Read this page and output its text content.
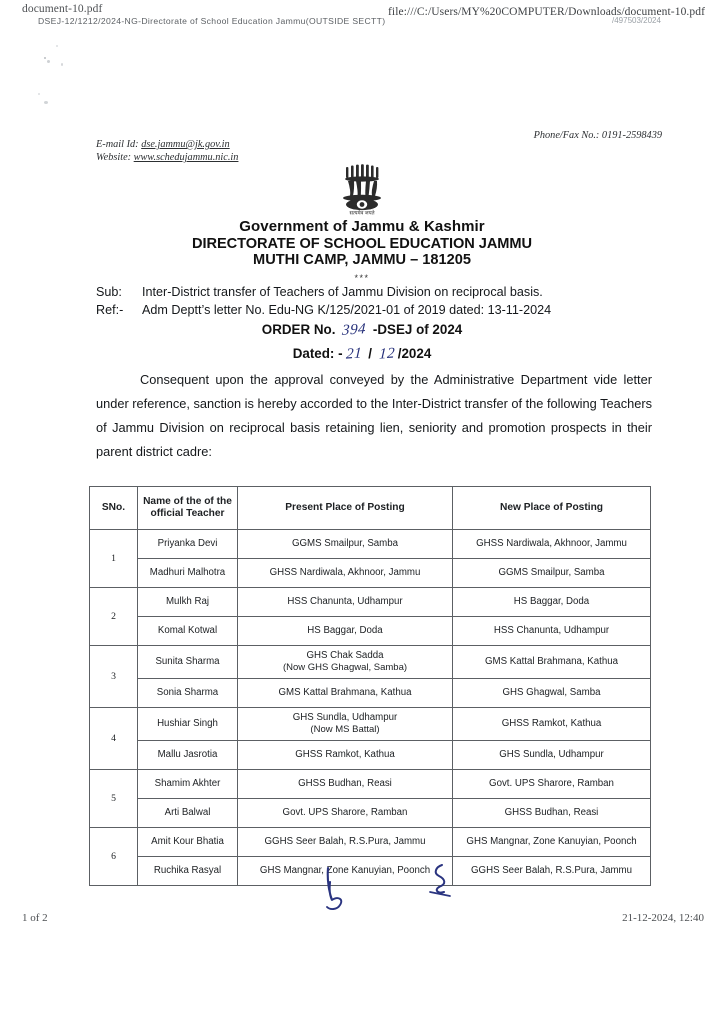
document-10.pdf
DSEJ-12/1212/2024-NG-Directorate of School Education Jammu(OUTSIDE SECTT)
file:///C:/Users/MY%20COMPUTER/Downloads/document-10.pdf
/497503/2024
Phone/Fax No.: 0191-2598439
E-mail Id: dse.jammu@jk.gov.in
Website: www.schedujammu.nic.in
सत्यमेव जयते
Government of Jammu & Kashmir
DIRECTORATE OF SCHOOL EDUCATION JAMMU
MUTHI CAMP, JAMMU – 181205
***
Sub: Inter-District transfer of Teachers of Jammu Division on reciprocal basis.
Ref:- Adm Deptt’s letter No. Edu-NG K/125/2021-01 of 2019 dated: 13-11-2024
ORDER No. 394 -DSEJ of 2024
Dated: - 21 / 12 /2024
Consequent upon the approval conveyed by the Administrative Department vide letter under reference, sanction is hereby accorded to the Inter-District transfer of the following Teachers of Jammu Division on reciprocal basis retaining lien, seniority and promotion prospects in their parent district cadre:
SNo.	Name of the of the official Teacher	Present Place of Posting	New Place of Posting
1	Priyanka Devi	GGMS Smailpur, Samba	GHSS Nardiwala, Akhnoor, Jammu
	Madhuri Malhotra	GHSS Nardiwala, Akhnoor, Jammu	GGMS Smailpur, Samba
2	Mulkh Raj	HSS Chanunta, Udhampur	HS Baggar, Doda
	Komal Kotwal	HS Baggar, Doda	HSS Chanunta, Udhampur
3	Sunita Sharma	GHS Chak Sadda
(Now GHS Ghagwal, Samba)	GMS Kattal Brahmana, Kathua
	Sonia Sharma	GMS Kattal Brahmana, Kathua	GHS Ghagwal, Samba
4	Hushiar Singh	GHS Sundla, Udhampur
(Now MS Battal)	GHSS Ramkot, Kathua
	Mallu Jasrotia	GHSS Ramkot, Kathua	GHS Sundla, Udhampur
5	Shamim Akhter	GHSS Budhan, Reasi	Govt. UPS Sharore, Ramban
	Arti Balwal	Govt. UPS Sharore, Ramban	GHSS Budhan, Reasi
6	Amit Kour Bhatia	GGHS Seer Balah, R.S.Pura, Jammu	GHS Mangnar, Zone Kanuyian, Poonch
	Ruchika Rasyal	GHS Mangnar, Zone Kanuyian, Poonch	GGHS Seer Balah, R.S.Pura, Jammu
1 of 2	21-12-2024, 12:40
